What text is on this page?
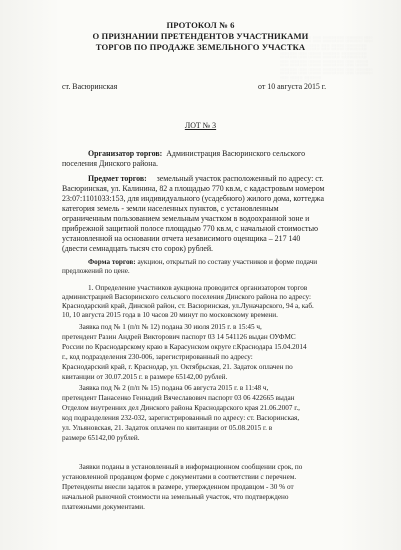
░░░ ░░░░ ░░ ░░░░░ ░░░░ ░░ ░░░░ ░░░░░ ░░ ░░░ ░░░░░ ░░░░ ░░ ░░░ ░░░░ ░░░░░░ ░░ ░░░░ ░░░ ░░░░░ ░░ ░░░ ░░░░ ░░ ░░░ ░░░░░ ░░ ░░░░ ░░ ░░░ ░░░░
ПРОТОКОЛ № 6
О ПРИЗНАНИИ ПРЕТЕНДЕНТОВ УЧАСТНИКАМИ
ТОРГОВ ПО ПРОДАЖЕ ЗЕМЕЛЬНОГО УЧАСТКА
ст. Васюринская	от 10 августа 2015 г.
ЛОТ № 3
Организатор торгов: Администрация Васюринского сельского
поселения Динского района.
Предмет торгов: земельный участок расположенный по адресу: ст.
Васюринская, ул. Калинина, 82 а площадью 770 кв.м, с кадастровым номером
23:07:1101033:153, для индивидуального (усадебного) жилого дома, коттеджа
категория земель - земли населенных пунктов, с установленным
ограниченным пользованием земельным участком в водоохранной зоне и
прибрежной защитной полосе площадью 770 кв.м, с начальной стоимостью
установленной на основании отчета независимого оценщика – 217 140
(двести семнадцать тысяч сто сорок) рублей.
Форма торгов: аукцион, открытый по составу участников и форме подачи
предложений по цене.
1. Определение участников аукциона проводится организатором торгов
администрацией Васюринского сельского поселения Динского района по адресу:
Краснодарский край, Динской район, ст. Васюринская, ул.Луначарского, 94 а, каб.
10, 10 августа 2015 года в 10 часов 20 минут по московскому времени.
Заявка под № 1 (п/п № 12) подана 30 июля 2015 г. в 15:45 ч,
претендент Разин Андрей Викторович паспорт 03 14 541126 выдан ОУФМС
России по Краснодарскому краю в Карасунском округе г.Краснодара 15.04.2014
г., код подразделения 230-006, зарегистрированный по адресу:
Краснодарский край, г. Краснодар, ул. Октябрьская, 21. Задаток оплачен по
квитанции от 30.07.2015 г. в размере 65142,00 рублей.
Заявка под № 2 (п/п № 15) подана 06 августа 2015 г. в 11:48 ч,
претендент Панасенко Геннадий Вячеславович паспорт 03 06 422665 выдан
Отделом внутренних дел Динского района Краснодарского края 21.06.2007 г.,
код подразделения 232-032, зарегистрированный по адресу: ст. Васюринская,
ул. Ульяновская, 21. Задаток оплачен по квитанции от 05.08.2015 г. в
размере 65142,00 рублей.
Заявки поданы в установленный в информационном сообщении срок, по
установленной продавцом форме с документами в соответствии с перечнем.
Претенденты внесли задаток в размере, утвержденном продавцом - 30 % от
начальной рыночной стоимости на земельный участок, что подтверждено
платежными документами.
